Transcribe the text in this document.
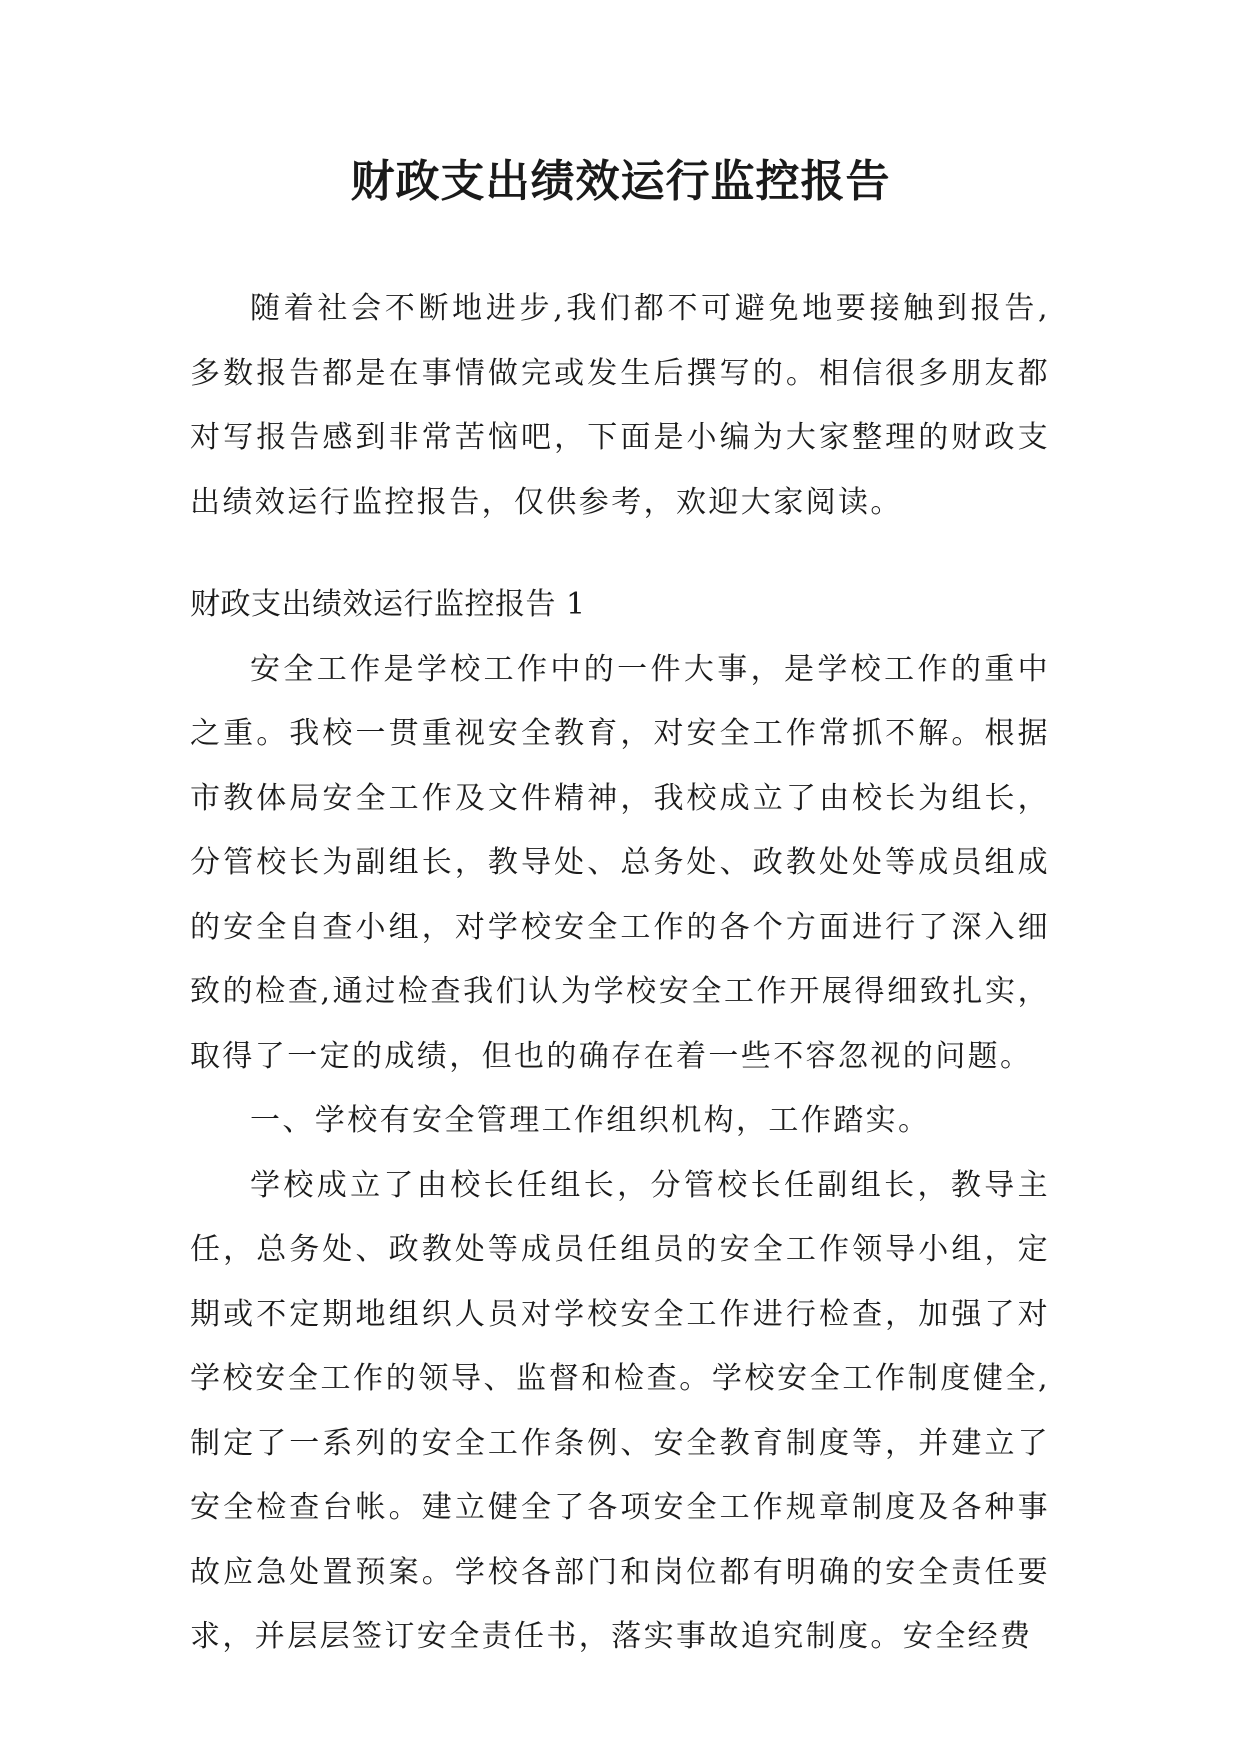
财政支出绩效运行监控报告

随着社会不断地进步,我们都不可避免地要接触到报告,多数报告都是在事情做完或发生后撰写的。相信很多朋友都对写报告感到非常苦恼吧，下面是小编为大家整理的财政支出绩效运行监控报告，仅供参考，欢迎大家阅读。

财政支出绩效运行监控报告 1

安全工作是学校工作中的一件大事，是学校工作的重中之重。我校一贯重视安全教育，对安全工作常抓不解。根据市教体局安全工作及文件精神，我校成立了由校长为组长，分管校长为副组长，教导处、总务处、政教处处等成员组成的安全自查小组，对学校安全工作的各个方面进行了深入细致的检查,通过检查我们认为学校安全工作开展得细致扎实，取得了一定的成绩，但也的确存在着一些不容忽视的问题。

一、学校有安全管理工作组织机构，工作踏实。

学校成立了由校长任组长，分管校长任副组长，教导主任，总务处、政教处等成员任组员的安全工作领导小组，定期或不定期地组织人员对学校安全工作进行检查，加强了对学校安全工作的领导、监督和检查。学校安全工作制度健全,制定了一系列的安全工作条例、安全教育制度等，并建立了安全检查台帐。建立健全了各项安全工作规章制度及各种事故应急处置预案。学校各部门和岗位都有明确的安全责任要求，并层层签订安全责任书，落实事故追究制度。安全经费
